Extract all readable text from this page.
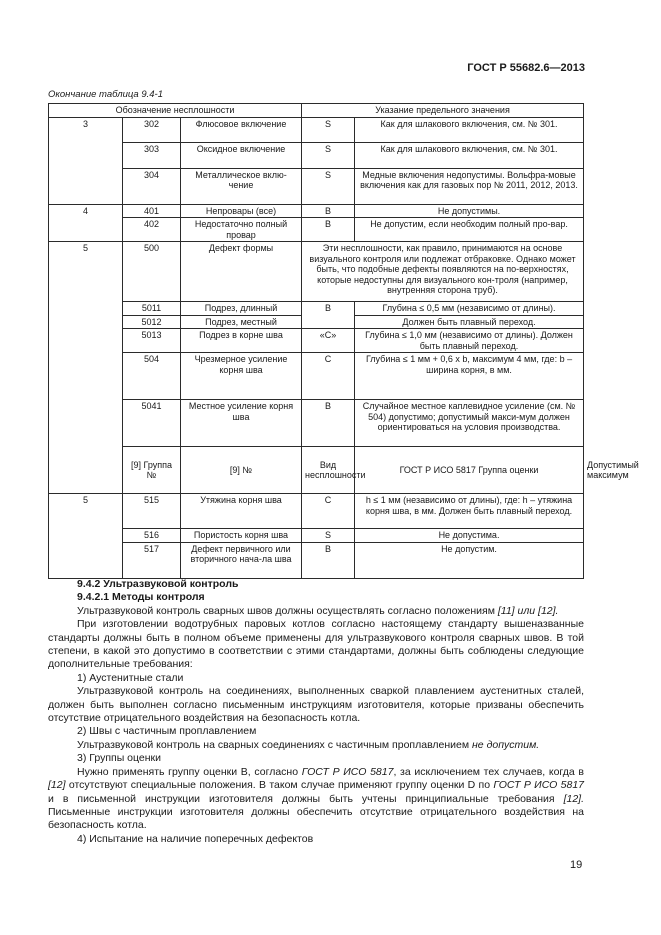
ГОСТ Р 55682.6—2013
Окончание таблица 9.4-1
Обозначение несплошности			Указание предельного значения		
3	302	Флюсовое включение	S	Как для шлакового включения, см. № 301.	
	303	Оксидное включение	S	Как для шлакового включения, см. № 301.	
	304	Металлическое вклю-чение	S	Медные включения недопустимы. Вольфра-мовые включения как для газовых пор № 2011, 2012, 2013.	
4	401	Непровары (все)	В	Не допустимы.	
	402	Недостаточно полный провар	В	Не допустим, если необходим полный про-вар.	
5	500	Дефект формы	Эти несплошности, как правило, принимаются на основе визуального контроля или подлежат отбраковке. Однако может быть, что подобные дефекты появляются на по-верхностях, которые недоступны для визуального кон-троля (например, внутренняя сторона труб).		
	5011	Подрез, длинный	В	Глубина ≤ 0,5 мм (независимо от длины).	
	5012	Подрез, местный		Должен быть плавный переход.	
	5013	Подрез в корне шва	«С»	Глубина ≤ 1,0 мм (независимо от длины). Должен быть плавный переход.	
	504	Чрезмерное усиление корня шва	С	Глубина ≤ 1 мм + 0,6 x b, максимум 4 мм, где: b – ширина корня, в мм.	
	5041	Местное усиление корня шва	В	Случайное местное каплевидное усиление (см. № 504) допустимо; допустимый макси-мум должен ориентироваться на условия производства.	
	[9] Группа №	[9] №	Вид несплошности	ГОСТ Р ИСО 5817 Группа оценки	Допустимый максимум
5	515	Утяжина корня шва	С	h ≤ 1 мм (независимо от длины), где: h – утяжина корня шва, в мм. Должен быть плавный переход.	
	516	Пористость корня шва	S	Не допустима.	
	517	Дефект первичного или вторичного нача-ла шва	В	Не допустим.	

9.4.2 Ультразвуковой контроль

9.4.2.1 Методы контроля

Ультразвуковой контроль сварных швов должны осуществлять согласно положениям [11] или [12].

При изготовлении водотрубных паровых котлов согласно настоящему стандарту вышеназванные стандарты должны быть в полном объеме применены для ультразвукового контроля сварных швов. В той степени, в какой это допустимо в соответствии с этими стандартами, должны быть соблюдены следующие дополнительные требования:

1) Аустенитные стали

Ультразвуковой контроль на соединениях, выполненных сваркой плавлением аустенитных сталей, должен быть выполнен согласно письменным инструкциям изготовителя, которые призваны обеспечить отсутствие отрицательного воздействия на безопасность котла.

2) Швы с частичным проплавлением

Ультразвуковой контроль на сварных соединениях с частичным проплавлением не допустим.

3) Группы оценки

Нужно применять группу оценки В, согласно ГОСТ Р ИСО 5817, за исключением тех случаев, когда в [12] отсутствуют специальные положения. В таком случае применяют группу оценки D по ГОСТ Р ИСО 5817 и в письменной инструкции изготовителя должны быть учтены принципиальные требования [12]. Письменные инструкции изготовителя должны обеспечить отсутствие отрицательного воздействия на безопасность котла.

4) Испытание на наличие поперечных дефектов

19
